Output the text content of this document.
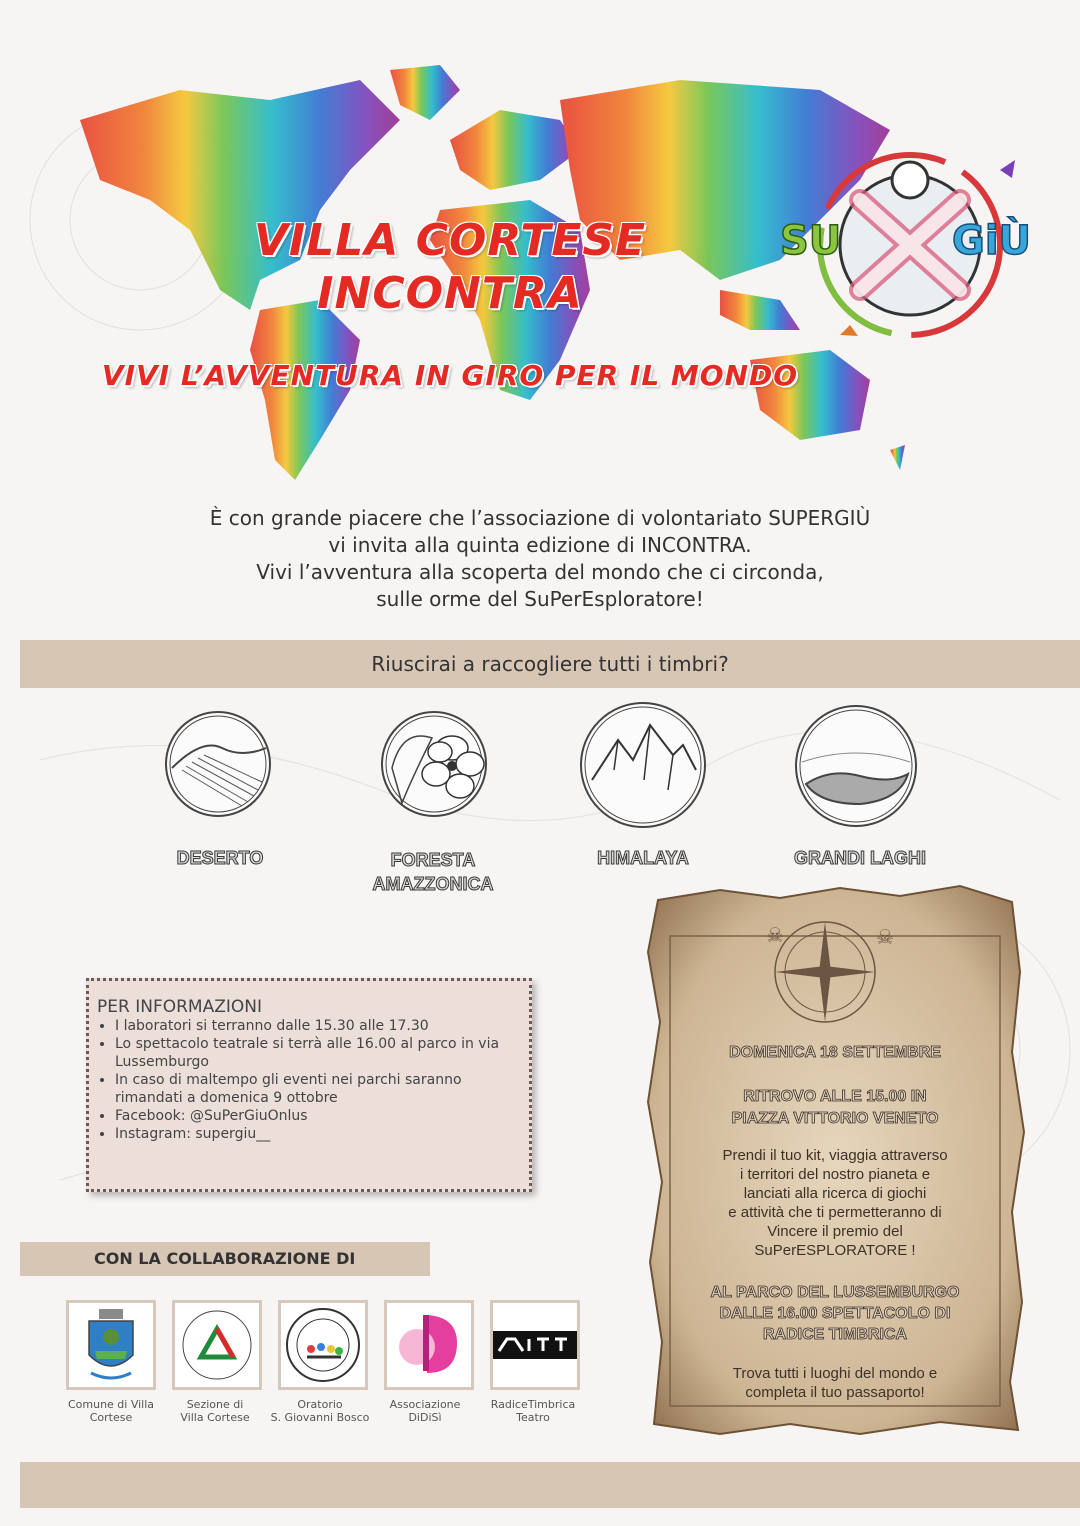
VILLA CORTESE
INCONTRA
VIVI L’AVVENTURA IN GIRO PER IL MONDO
SU	GiÙ
È con grande piacere che l’associazione di volontariato SUPERGIÙ
vi invita alla quinta edizione di INCONTRA.
Vivi l’avventura alla scoperta del mondo che ci circonda,
sulle orme del SuPerEsploratore!
Riuscirai a raccogliere tutti i timbri?
DESERTO	FORESTA
AMAZZONICA
HIMALAYA	GRANDI LAGHI
PER INFORMAZIONI
• I laboratori si terranno dalle 15.30 alle 17.30
• Lo spettacolo teatrale si terrà alle 16.00 al parco in via Lussemburgo
• In caso di maltempo gli eventi nei parchi saranno rimandati a domenica 9 ottobre
• Facebook: @SuPerGiuOnlus
• Instagram: supergiu__
☠	☠
DOMENICA 18 SETTEMBRE
RITROVO ALLE 15.00 IN
PIAZZA VITTORIO VENETO
Prendi il tuo kit, viaggia attraverso
i territori del nostro pianeta e
lanciati alla ricerca di giochi
e attività che ti permetteranno di
Vincere il premio del
SuPerESPLORATORE !
AL PARCO DEL LUSSEMBURGO
DALLE 16.00 SPETTACOLO DI
RADICE TIMBRICA
Trova tutti i luoghi del mondo e
completa il tuo passaporto!
CON LA COLLABORAZIONE DI
Comune di Villa
Cortese
Sezione di
Villa Cortese
Oratorio
S. Giovanni Bosco
Associazione
DiDiSì
RadiceTimbrica
Teatro
